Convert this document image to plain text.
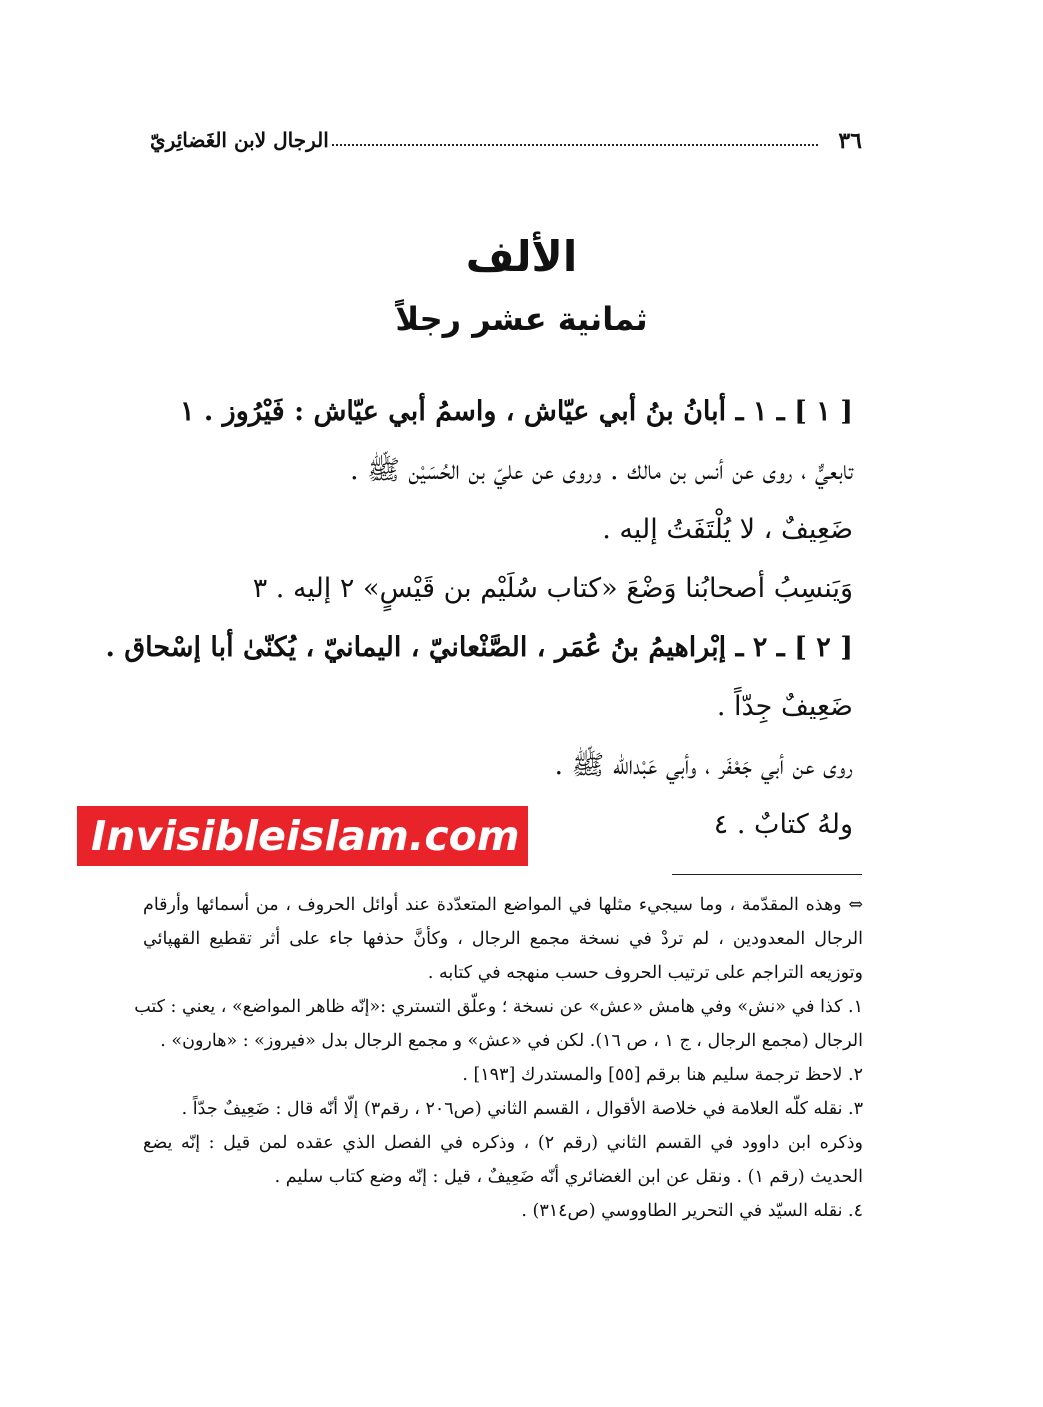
٣٦
الرجال لابن الغَضائِريّ
الألف
ثمانية عشر رجلاً
[ ١ ] ـ ١ ـ أبانُ بنُ أبي عيّاش ، واسمُ أبي عيّاش : فَيْرُوز . ١
تابعيٌّ ، روى عن أنس بن مالك . وروى عن عليّ بن الحُسَيْن ﷺ .
ضَعِيفٌ ، لا يُلْتَفَتُ إليه .
وَيَنسِبُ أصحابُنا وَضْعَ «كتاب سُلَيْم بن قَيْسٍ» ٢ إليه . ٣
[ ٢ ] ـ ٢ ـ إبْراهيمُ بنُ عُمَر ، الصَّنْعانيّ ، اليمانيّ ، يُكنّىٰ أبا إسْحاق .
ضَعِيفٌ جِدّاً .
روى عن أبي جَعْفَر ، وأبي عَبْدالله ﷺ .
ولهُ كتابٌ . ٤
Invisibleislam.com
⇔ وهذه المقدّمة ، وما سيجيء مثلها في المواضع المتعدّدة عند أوائل الحروف ، من أسمائها وأرقام
الرجال المعدودين ، لم تردْ في نسخة مجمع الرجال ، وكأنَّ حذفها جاء على أثر تقطيع القهپائي
وتوزيعه التراجم على ترتيب الحروف حسب منهجه في كتابه .
١. كذا في «نش» وفي هامش «عش» عن نسخة ؛ وعلّق التستري :«إنّه ظاهر المواضع» ، يعني : كتب
الرجال (مجمع الرجال ، ج ١ ، ص ١٦). لكن في «عش» و مجمع الرجال بدل «فيروز» : «هارون» .
٢. لاحظ ترجمة سليم هنا برقم [٥٥] والمستدرك [١٩٣] .
٣. نقله كلّه العلامة في خلاصة الأقوال ، القسم الثاني (ص٢٠٦ ، رقم٣) إلّا أنّه قال : ضَعِيفٌ جدّاً .
وذكره ابن داوود في القسم الثاني (رقم ٢) ، وذكره في الفصل الذي عقده لمن قيل : إنّه يضع
الحديث (رقم ١) . ونقل عن ابن الغضائري أنّه ضَعِيفٌ ، قيل : إنّه وضع كتاب سليم .
٤. نقله السيّد في التحرير الطاووسي (ص٣١٤) .
